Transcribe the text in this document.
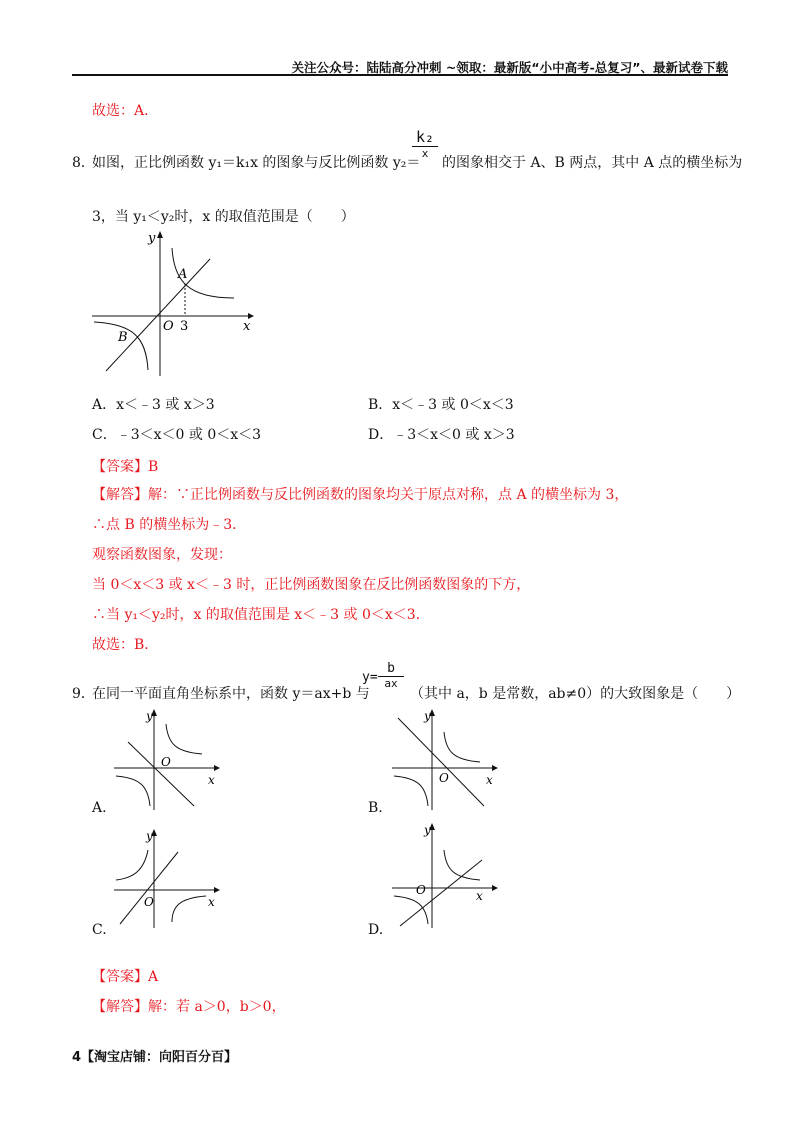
关注公众号：陆陆高分冲刺 ~领取：最新版“小中高考-总复习”、最新试卷下载
故选：A．
8．
如图，正比例函数 y₁＝k₁x 的图象与反比例函数 y₂＝
k₂
x
的图象相交于 A、B 两点，其中 A 点的横坐标为
3，当 y₁＜y₂时，x 的取值范围是（　　）
y
x
O 3
A
B
A．x＜﹣3 或 x＞3	B．x＜﹣3 或 0＜x＜3
C．﹣3＜x＜0 或 0＜x＜3	D．﹣3＜x＜0 或 x＞3
【答案】B
【解答】解：∵正比例函数与反比例函数的图象均关于原点对称，点 A 的横坐标为 3，
∴点 B 的横坐标为﹣3．
观察函数图象，发现：
当 0＜x＜3 或 x＜﹣3 时，正比例函数图象在反比例函数图象的下方，
∴当 y₁＜y₂时，x 的取值范围是 x＜﹣3 或 0＜x＜3．
故选：B．
9．
在同一平面直角坐标系中，函数 y＝ax+b 与
y=
b
ax
（其中 a，b 是常数，ab≠0）的大致图象是（　　）
y
x
O
A.
y
x
O
B.
y
x
O
C.
y
x
O
D.
【答案】A
【解答】解：若 a＞0，b＞0，
4【淘宝店铺：向阳百分百】
